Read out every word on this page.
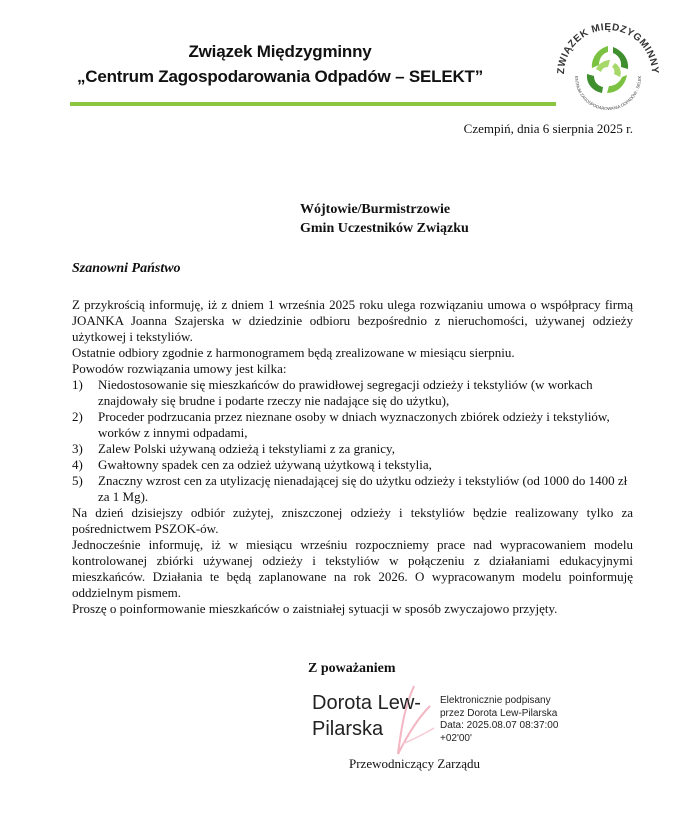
Związek Międzygminny
„Centrum Zagospodarowania Odpadów – SELEKT”	ZWIĄZEK MIĘDZYGMINNY
ENTRUM ZAGOSPODAROWANIA ODPADÓW - SELEK
Czempiń, dnia 6 sierpnia 2025 r.
Wójtowie/Burmistrzowie
Gmin Uczestników Związku
Szanowni Państwo

Z przykrością informuję, iż z dniem 1 września 2025 roku ulega rozwiązaniu umowa o współpracy firmą JOANKA Joanna Szajerska w dziedzinie odbioru bezpośrednio z nieruchomości, używanej odzieży użytkowej i tekstyliów.

Ostatnie odbiory zgodnie z harmonogramem będą zrealizowane w miesiącu sierpniu.

Powodów rozwiązania umowy jest kilka:

1) Niedostosowanie się mieszkańców do prawidłowej segregacji odzieży i tekstyliów (w workach znajdowały się brudne i podarte rzeczy nie nadające się do użytku),
2) Proceder podrzucania przez nieznane osoby w dniach wyznaczonych zbiórek odzieży i tekstyliów, worków z innymi odpadami,
3) Zalew Polski używaną odzieżą i tekstyliami z za granicy,
4) Gwałtowny spadek cen za odzież używaną użytkową i tekstylia,
5) Znaczny wzrost cen za utylizację nienadającej się do użytku odzieży i tekstyliów (od 1000 do 1400 zł za 1 Mg).

Na dzień dzisiejszy odbiór zużytej, zniszczonej odzieży i tekstyliów będzie realizowany tylko za pośrednictwem PSZOK-ów.

Jednocześnie informuję, iż w miesiącu wrześniu rozpoczniemy prace nad wypracowaniem modelu kontrolowanej zbiórki używanej odzieży i tekstyliów w połączeniu z działaniami edukacyjnymi mieszkańców. Działania te będą zaplanowane na rok 2026. O wypracowanym modelu poinformuję oddzielnym pismem.

Proszę o poinformowanie mieszkańców o zaistniałej sytuacji w sposób zwyczajowo przyjęty.

Z poważaniem
Dorota Lew-
Pilarska
Elektronicznie podpisany
przez Dorota Lew-Pilarska
Data: 2025.08.07 08:37:00
+02'00'
Przewodniczący Zarządu
